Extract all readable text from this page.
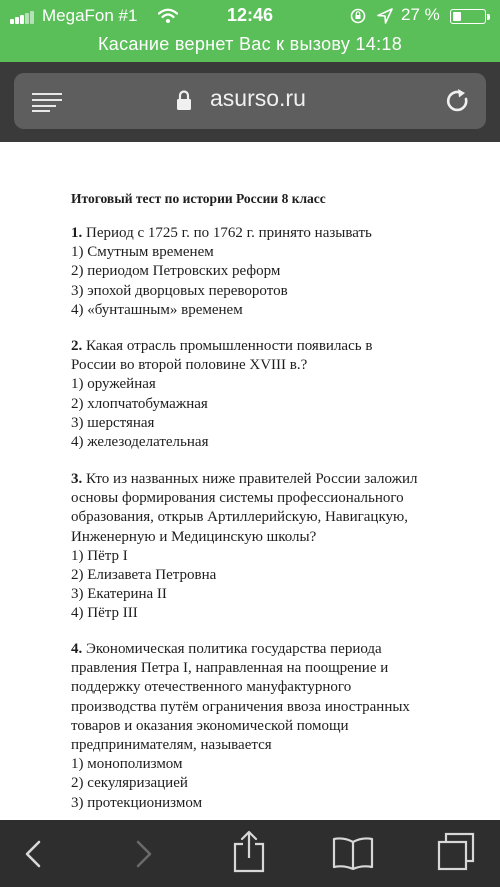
MegaFon #1	12:46	27 %
Касание вернет Вас к вызову 14:18
asurso.ru
Итоговый тест по истории России 8 класс

1. Период с 1725 г. по 1762 г. принято называть

1) Смутным временем

2) периодом Петровских реформ

3) эпохой дворцовых переворотов

4) «бунташным» временем

2. Какая отрасль промышленности появилась в
России во второй половине XVIII в.?

1) оружейная

2) хлопчатобумажная

3) шерстяная

4) железоделательная

3. Кто из названных ниже правителей России заложил
основы формирования системы профессионального
образования, открыв Артиллерийскую, Навигацкую,
Инженерную и Медицинскую школы?

1) Пётр I

2) Елизавета Петровна

3) Екатерина II

4) Пётр III

4. Экономическая политика государства периода
правления Петра I, направленная на поощрение и
поддержку отечественного мануфактурного
производства путём ограничения ввоза иностранных
товаров и оказания экономической помощи
предпринимателям, называется

1) монополизмом

2) секуляризацией

3) протекционизмом
